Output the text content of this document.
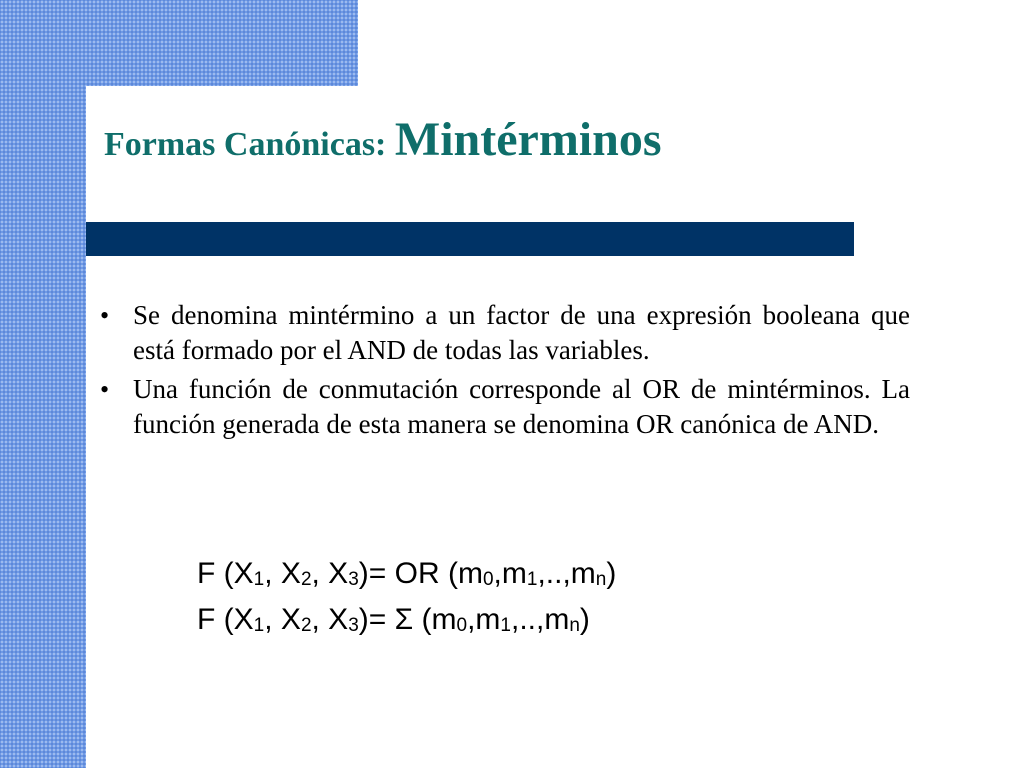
Formas Canónicas: Mintérminos
• Se denomina mintérmino a un factor de una expresión booleana que está formado por el AND de todas las variables.
• Una función de conmutación corresponde al OR de mintérminos. La función generada de esta manera se denomina OR canónica de AND.
F ($X_1$, $X_2$, $X_3)=$ OR $(m_0,m_1,..,m_n)$
F ($X_1$, $X_2$, $X_3)= \Sigma$ $(m_0,m_1,..,m_n)$
